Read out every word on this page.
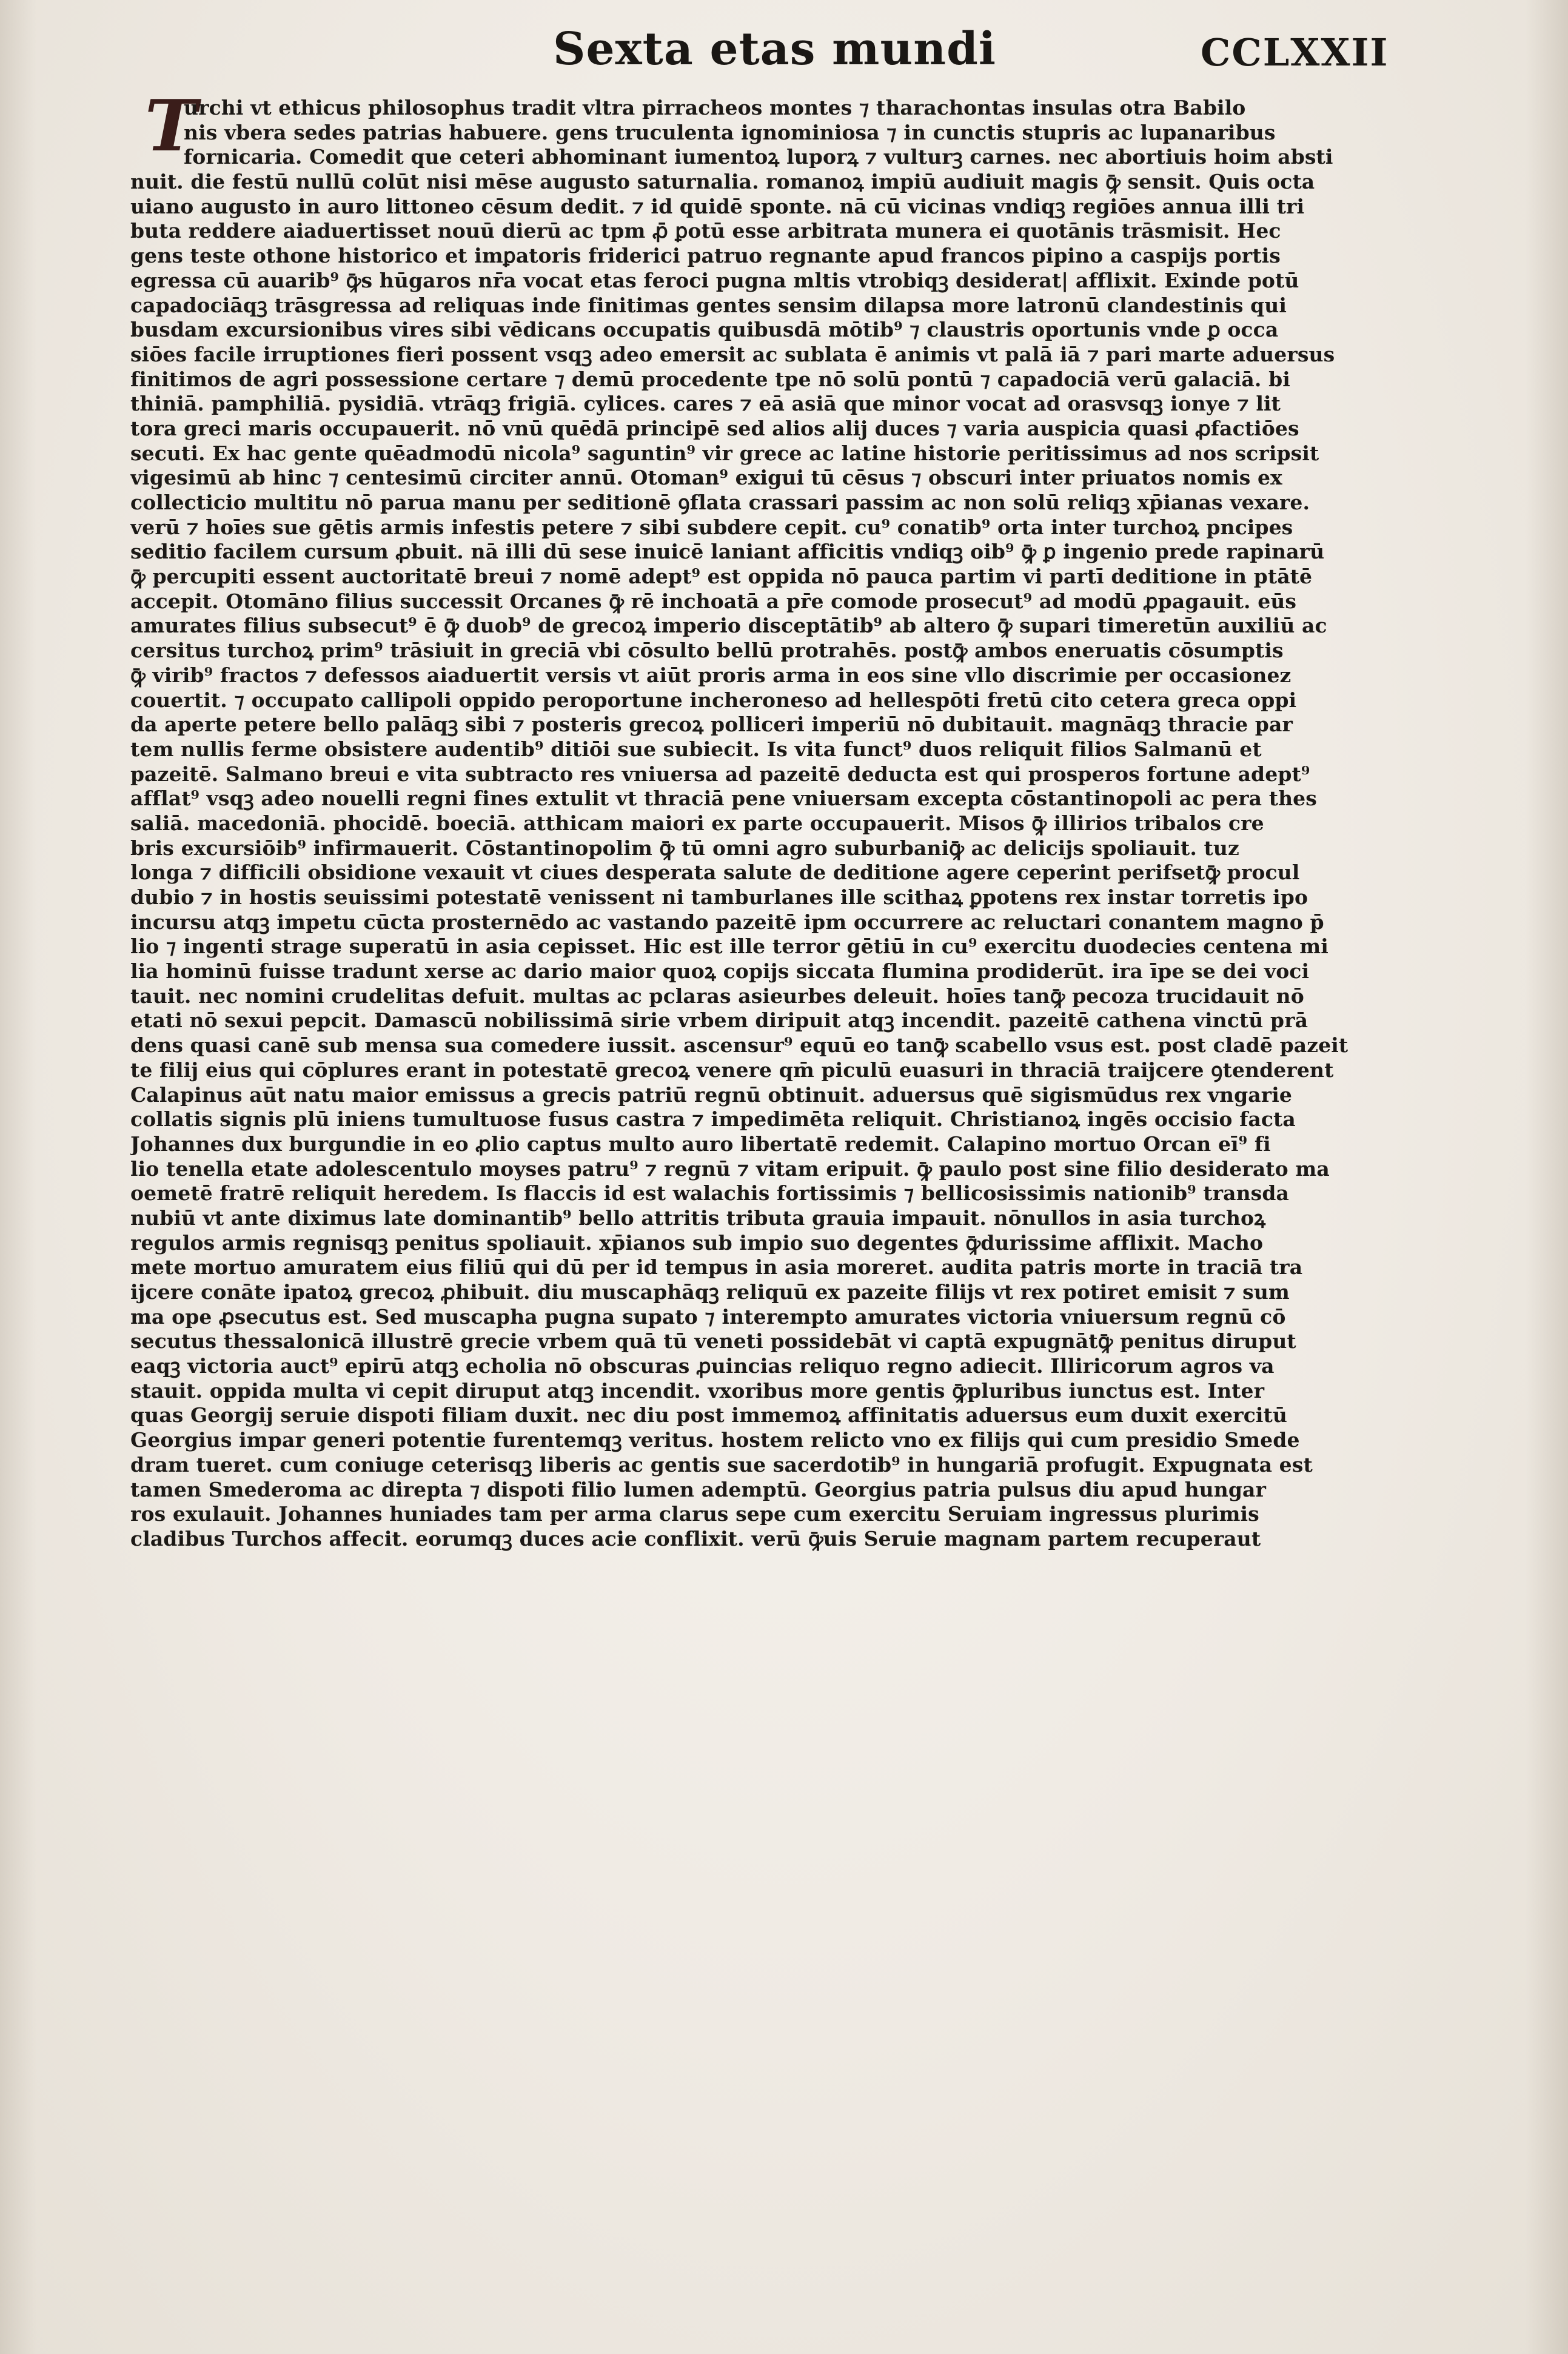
Sexta etas mundi	CCLXXII
T
urchi vt ethicus philosophus tradit vltra pirracheos montes ⁊ tharachontas insulas otra Babilo
nis vbera sedes patrias habuere. gens truculenta ignominiosa ⁊ in cunctis stupris ac lupanaribus
fornicaria. Comedit que ceteri abhominant iumentoꝝ luporꝝ ⁊ vulturꝫ carnes. nec abortiuis hoim absti
nuit. die festū nullū colūt nisi mēse augusto saturnalia. romanoꝝ impiū audiuit magis ꝙ̄ sensit. Quis octa
uiano augusto in auro littoneo cēsum dedit. ⁊ id quidē sponte. nā cū vicinas vndiqꝫ regiōes annua illi tri
buta reddere aiaduertisset nouū dierū ac tpm ꝓ̄ ꝑotū esse arbitrata munera ei quotānis trāsmisit. Hec
gens teste othone historico et imꝑatoris friderici patruo regnante apud francos pipino a caspijs portis
egressa cū auarib⁹ ꝙ̄s hūgaros nr̄a vocat etas feroci pugna mltis vtrobiqꝫ desiderat| afflixit. Exinde potū
capadociāqꝫ trāsgressa ad reliquas inde finitimas gentes sensim dilapsa more latronū clandestinis qui
busdam excursionibus vires sibi vēdicans occupatis quibusdā mōtib⁹ ⁊ claustris oportunis vnde ꝑ occa
siōes facile irruptiones fieri possent vsqꝫ adeo emersit ac sublata ē animis vt palā iā ⁊ pari marte aduersus
finitimos de agri possessione certare ⁊ demū procedente tpe nō solū pontū ⁊ capadociā verū galaciā. bi
thiniā. pamphiliā. pysidiā. vtrāqꝫ frigiā. cylices. cares ⁊ eā asiā que minor vocat ad orasvsqꝫ ionye ⁊ lit
tora greci maris occupauerit. nō vnū quēdā principē sed alios alij duces ⁊ varia auspicia quasi ꝓfactiōes
secuti. Ex hac gente quēadmodū nicola⁹ saguntin⁹ vir grece ac latine historie peritissimus ad nos scripsit
vigesimū ab hinc ⁊ centesimū circiter annū. Otoman⁹ exigui tū cēsus ⁊ obscuri inter priuatos nomis ex
collecticio multitu nō parua manu per seditionē ꝯflata crassari passim ac non solū reliqꝫ xp̄ianas vexare.
verū ⁊ hoīes sue gētis armis infestis petere ⁊ sibi subdere cepit. cu⁹ conatib⁹ orta inter turchoꝝ pncipes
seditio facilem cursum ꝓbuit. nā illi dū sese inuicē laniant afficitis vndiqꝫ oib⁹ ꝙ̄ ꝑ ingenio prede rapinarū
ꝙ̄ percupiti essent auctoritatē breui ⁊ nomē adept⁹ est oppida nō pauca partim vi partī deditione in ptātē
accepit. Otomāno filius successit Orcanes ꝙ̄ rē inchoatā a pr̄e comode prosecut⁹ ad modū ꝓpagauit. eūs
amurates filius subsecut⁹ ē ꝙ̄ duob⁹ de grecoꝝ imperio disceptātib⁹ ab altero ꝙ̄ supari timeretūn auxiliū ac
cersitus turchoꝝ prim⁹ trāsiuit in greciā vbi cōsulto bellū protrahēs. postꝙ̄ ambos eneruatis cōsumptis
ꝙ̄ virib⁹ fractos ⁊ defessos aiaduertit versis vt aiūt proris arma in eos sine vllo discrimie per occasionez
couertit. ⁊ occupato callipoli oppido peroportune incheroneso ad hellespōti fretū cito cetera greca oppi
da aperte petere bello palāqꝫ sibi ⁊ posteris grecoꝝ polliceri imperiū nō dubitauit. magnāqꝫ thracie par
tem nullis ferme obsistere audentib⁹ ditiōi sue subiecit. Is vita funct⁹ duos reliquit filios Salmanū et
pazeitē. Salmano breui e vita subtracto res vniuersa ad pazeitē deducta est qui prosperos fortune adept⁹
afflat⁹ vsqꝫ adeo nouelli regni fines extulit vt thraciā pene vniuersam excepta cōstantinopoli ac pera thes
saliā. macedoniā. phocidē. boeciā. atthicam maiori ex parte occupauerit. Misos ꝙ̄ illirios tribalos cre
bris excursiōib⁹ infirmauerit. Cōstantinopolim ꝙ̄ tū omni agro suburbaniꝙ̄ ac delicijs spoliauit. tuz
longa ⁊ difficili obsidione vexauit vt ciues desperata salute de deditione agere ceperint perifsetꝙ̄ procul
dubio ⁊ in hostis seuissimi potestatē venissent ni tamburlanes ille scithaꝝ ꝑpotens rex instar torretis ipo
incursu atqꝫ impetu cūcta prosternēdo ac vastando pazeitē ipm occurrere ac reluctari conantem magno p̄
lio ⁊ ingenti strage superatū in asia cepisset. Hic est ille terror gētiū in cu⁹ exercitu duodecies centena mi
lia hominū fuisse tradunt xerse ac dario maior quoꝝ copijs siccata flumina prodiderūt. ira īpe se dei voci
tauit. nec nomini crudelitas defuit. multas ac pclaras asieurbes deleuit. hoīes tanꝙ̄ pecoza trucidauit nō
etati nō sexui pepcit. Damascū nobilissimā sirie vrbem diripuit atqꝫ incendit. pazeitē cathena vinctū prā
dens quasi canē sub mensa sua comedere iussit. ascensur⁹ equū eo tanꝙ̄ scabello vsus est. post cladē pazeit
te filij eius qui cōplures erant in potestatē grecoꝝ venere qm̄ piculū euasuri in thraciā traijcere ꝯtenderent
Calapinus aūt natu maior emissus a grecis patriū regnū obtinuit. aduersus quē sigismūdus rex vngarie
collatis signis plū iniens tumultuose fusus castra ⁊ impedimēta reliquit. Christianoꝝ ingēs occisio facta
Johannes dux burgundie in eo ꝓlio captus multo auro libertatē redemit. Calapino mortuo Orcan eī⁹ fi
lio tenella etate adolescentulo moyses patru⁹ ⁊ regnū ⁊ vitam eripuit. ꝙ̄ paulo post sine filio desiderato ma
oemetē fratrē reliquit heredem. Is flaccis id est walachis fortissimis ⁊ bellicosissimis nationib⁹ transda
nubiū vt ante diximus late dominantib⁹ bello attritis tributa grauia impauit. nōnullos in asia turchoꝝ
regulos armis regnisqꝫ penitus spoliauit. xp̄ianos sub impio suo degentes ꝙ̄durissime afflixit. Macho
mete mortuo amuratem eius filiū qui dū per id tempus in asia moreret. audita patris morte in traciā tra
ijcere conāte ipatoꝝ grecoꝝ ꝓhibuit. diu muscaphāqꝫ reliquū ex pazeite filijs vt rex potiret emisit ⁊ sum
ma ope ꝓsecutus est. Sed muscapha pugna supato ⁊ interempto amurates victoria vniuersum regnū cō
secutus thessalonicā illustrē grecie vrbem quā tū veneti possidebāt vi captā expugnātꝙ̄ penitus diruput
eaqꝫ victoria auct⁹ epirū atqꝫ echolia nō obscuras ꝓuincias reliquo regno adiecit. Illiricorum agros va
stauit. oppida multa vi cepit diruput atqꝫ incendit. vxoribus more gentis ꝙ̄pluribus iunctus est. Inter
quas Georgij seruie dispoti filiam duxit. nec diu post immemoꝝ affinitatis aduersus eum duxit exercitū
Georgius impar generi potentie furentemqꝫ veritus. hostem relicto vno ex filijs qui cum presidio Smede
dram tueret. cum coniuge ceterisqꝫ liberis ac gentis sue sacerdotib⁹ in hungariā profugit. Expugnata est
tamen Smederoma ac direpta ⁊ dispoti filio lumen ademptū. Georgius patria pulsus diu apud hungar
ros exulauit. Johannes huniades tam per arma clarus sepe cum exercitu Seruiam ingressus plurimis
cladibus Turchos affecit. eorumqꝫ duces acie conflixit. verū ꝙ̄uis Seruie magnam partem recuperaut
